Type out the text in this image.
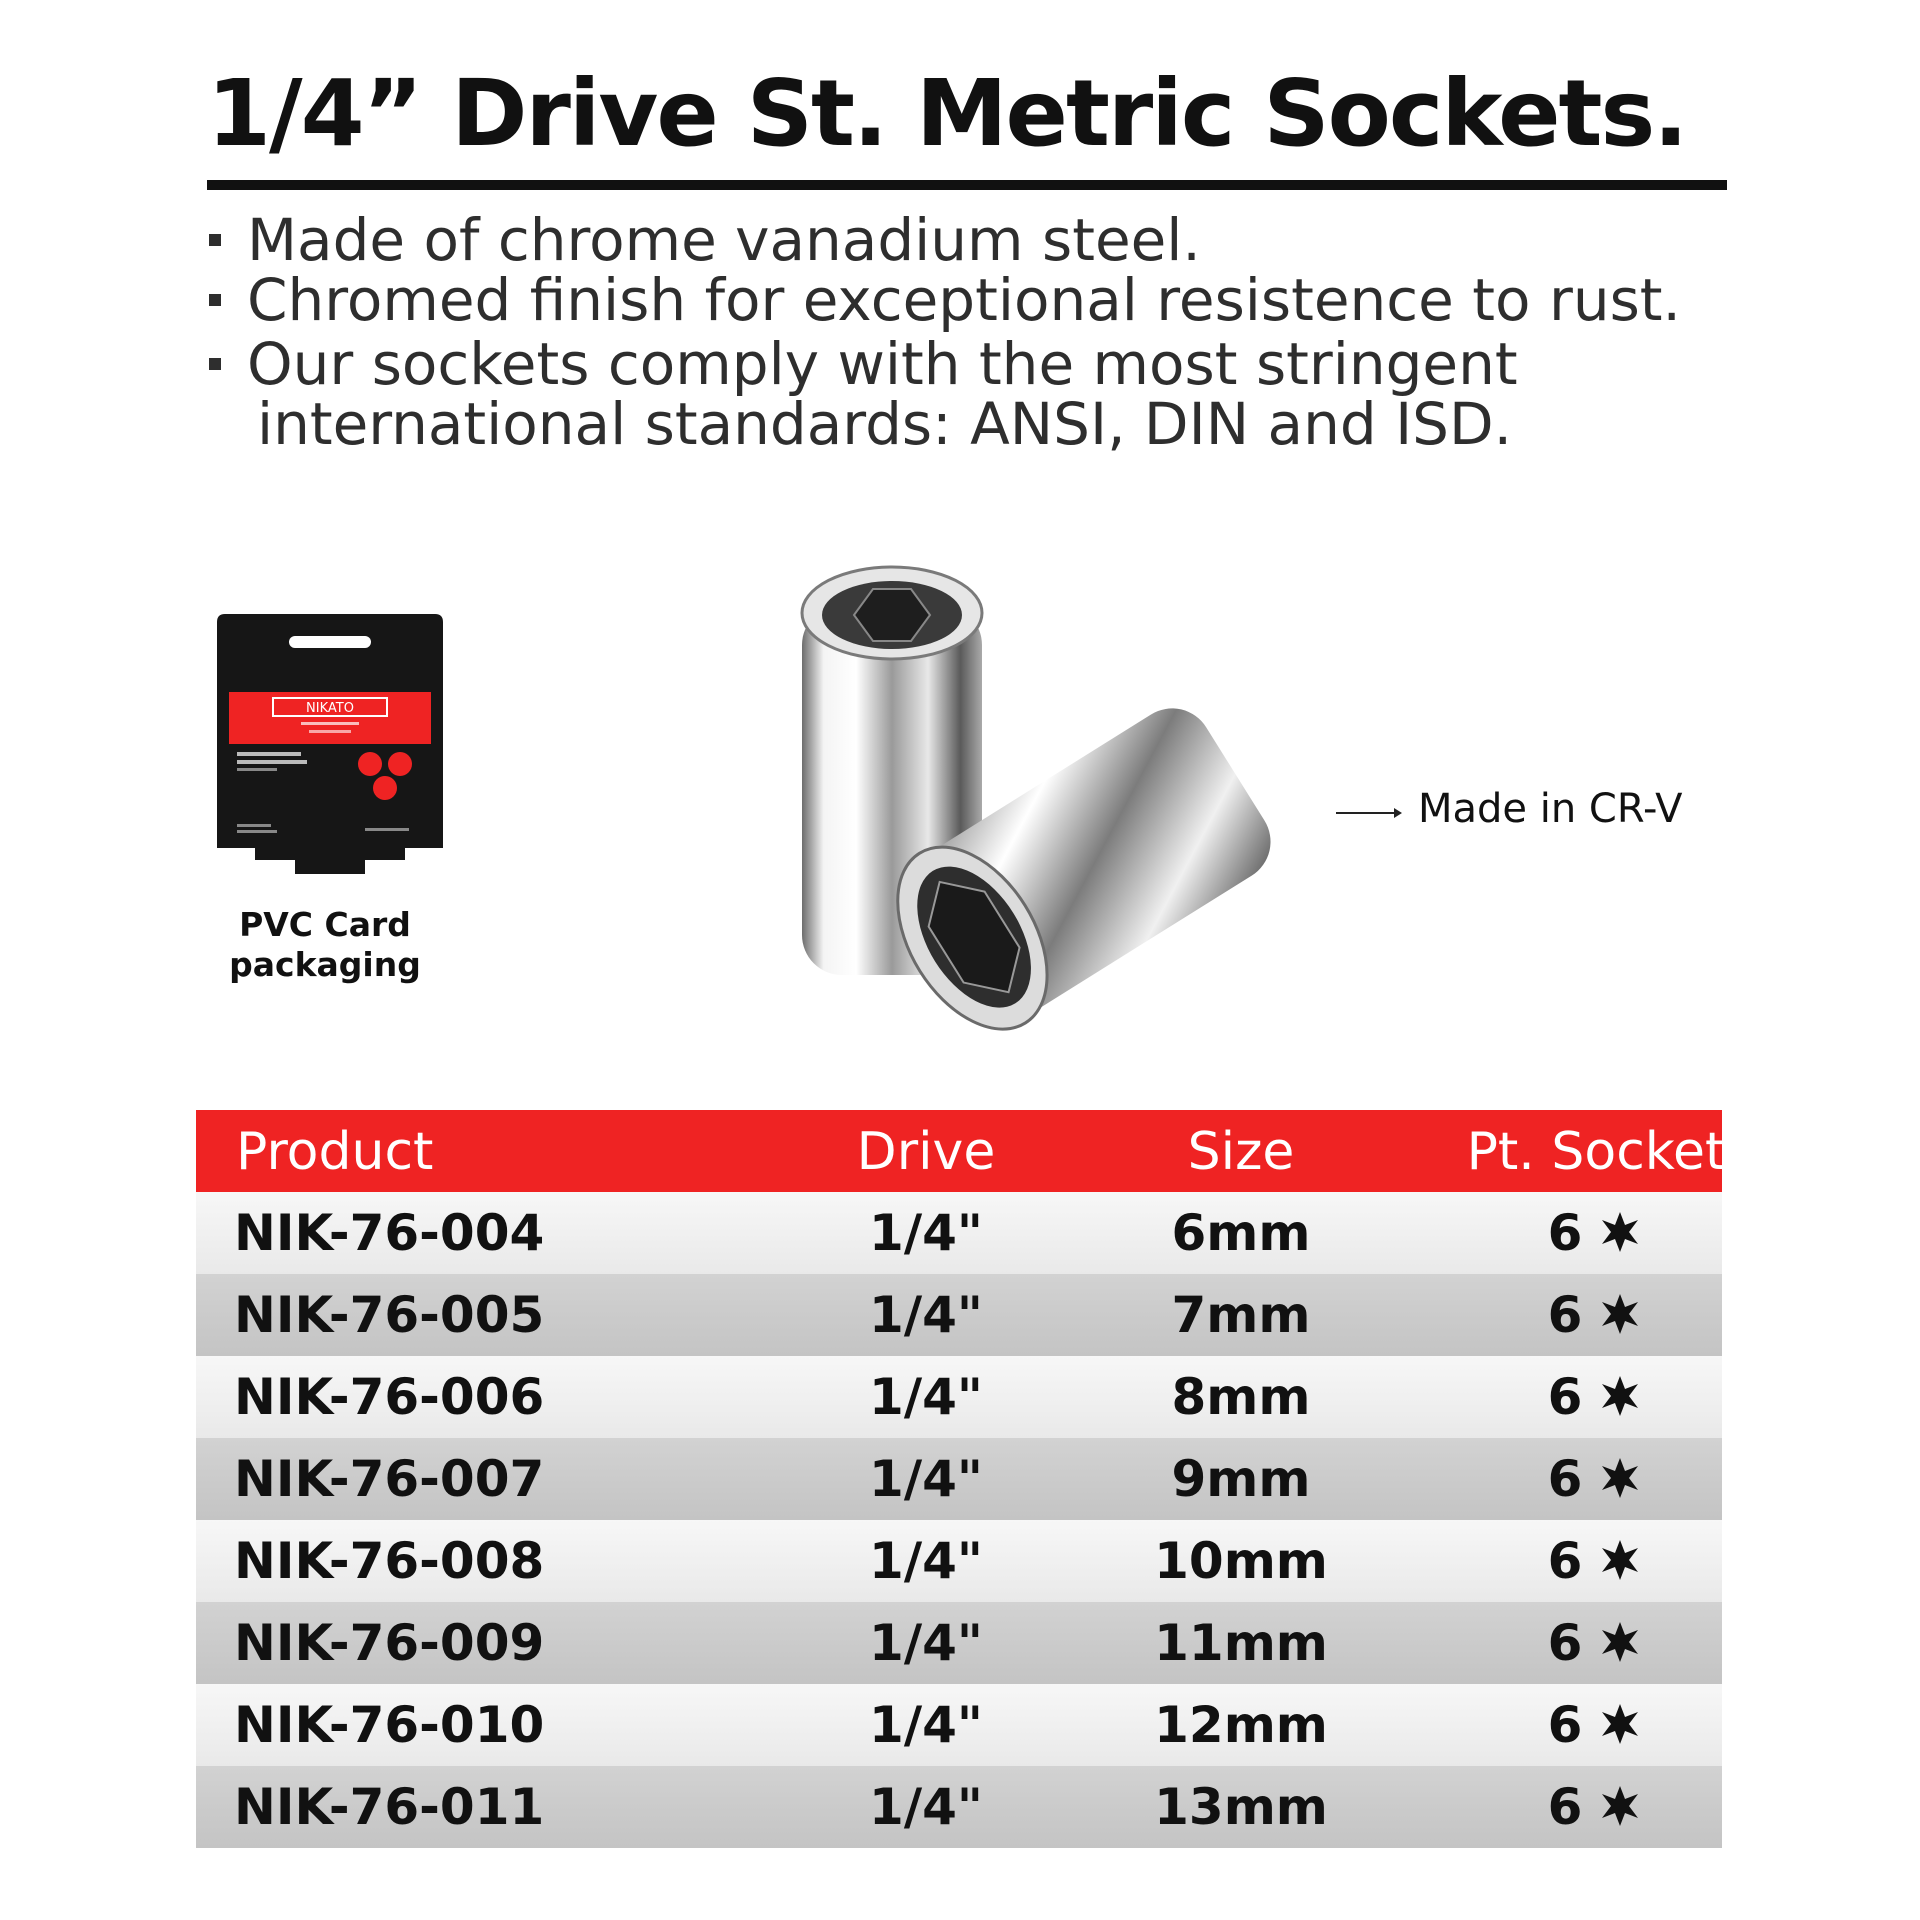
1/4” Drive St. Metric Sockets.

Made of chrome vanadium steel.

Chromed finish for exceptional resistence to rust.

Our sockets comply with the most stringent
international standards: ANSI, DIN and ISD.

NIKATO
PVC Card
packaging
Made in CR-V
Product	Drive	Size	Pt. Socket
NIK-76-004	1/4"	6mm	6
NIK-76-005	1/4"	7mm	6
NIK-76-006	1/4"	8mm	6
NIK-76-007	1/4"	9mm	6
NIK-76-008	1/4"	10mm	6
NIK-76-009	1/4"	11mm	6
NIK-76-010	1/4"	12mm	6
NIK-76-011	1/4"	13mm	6
